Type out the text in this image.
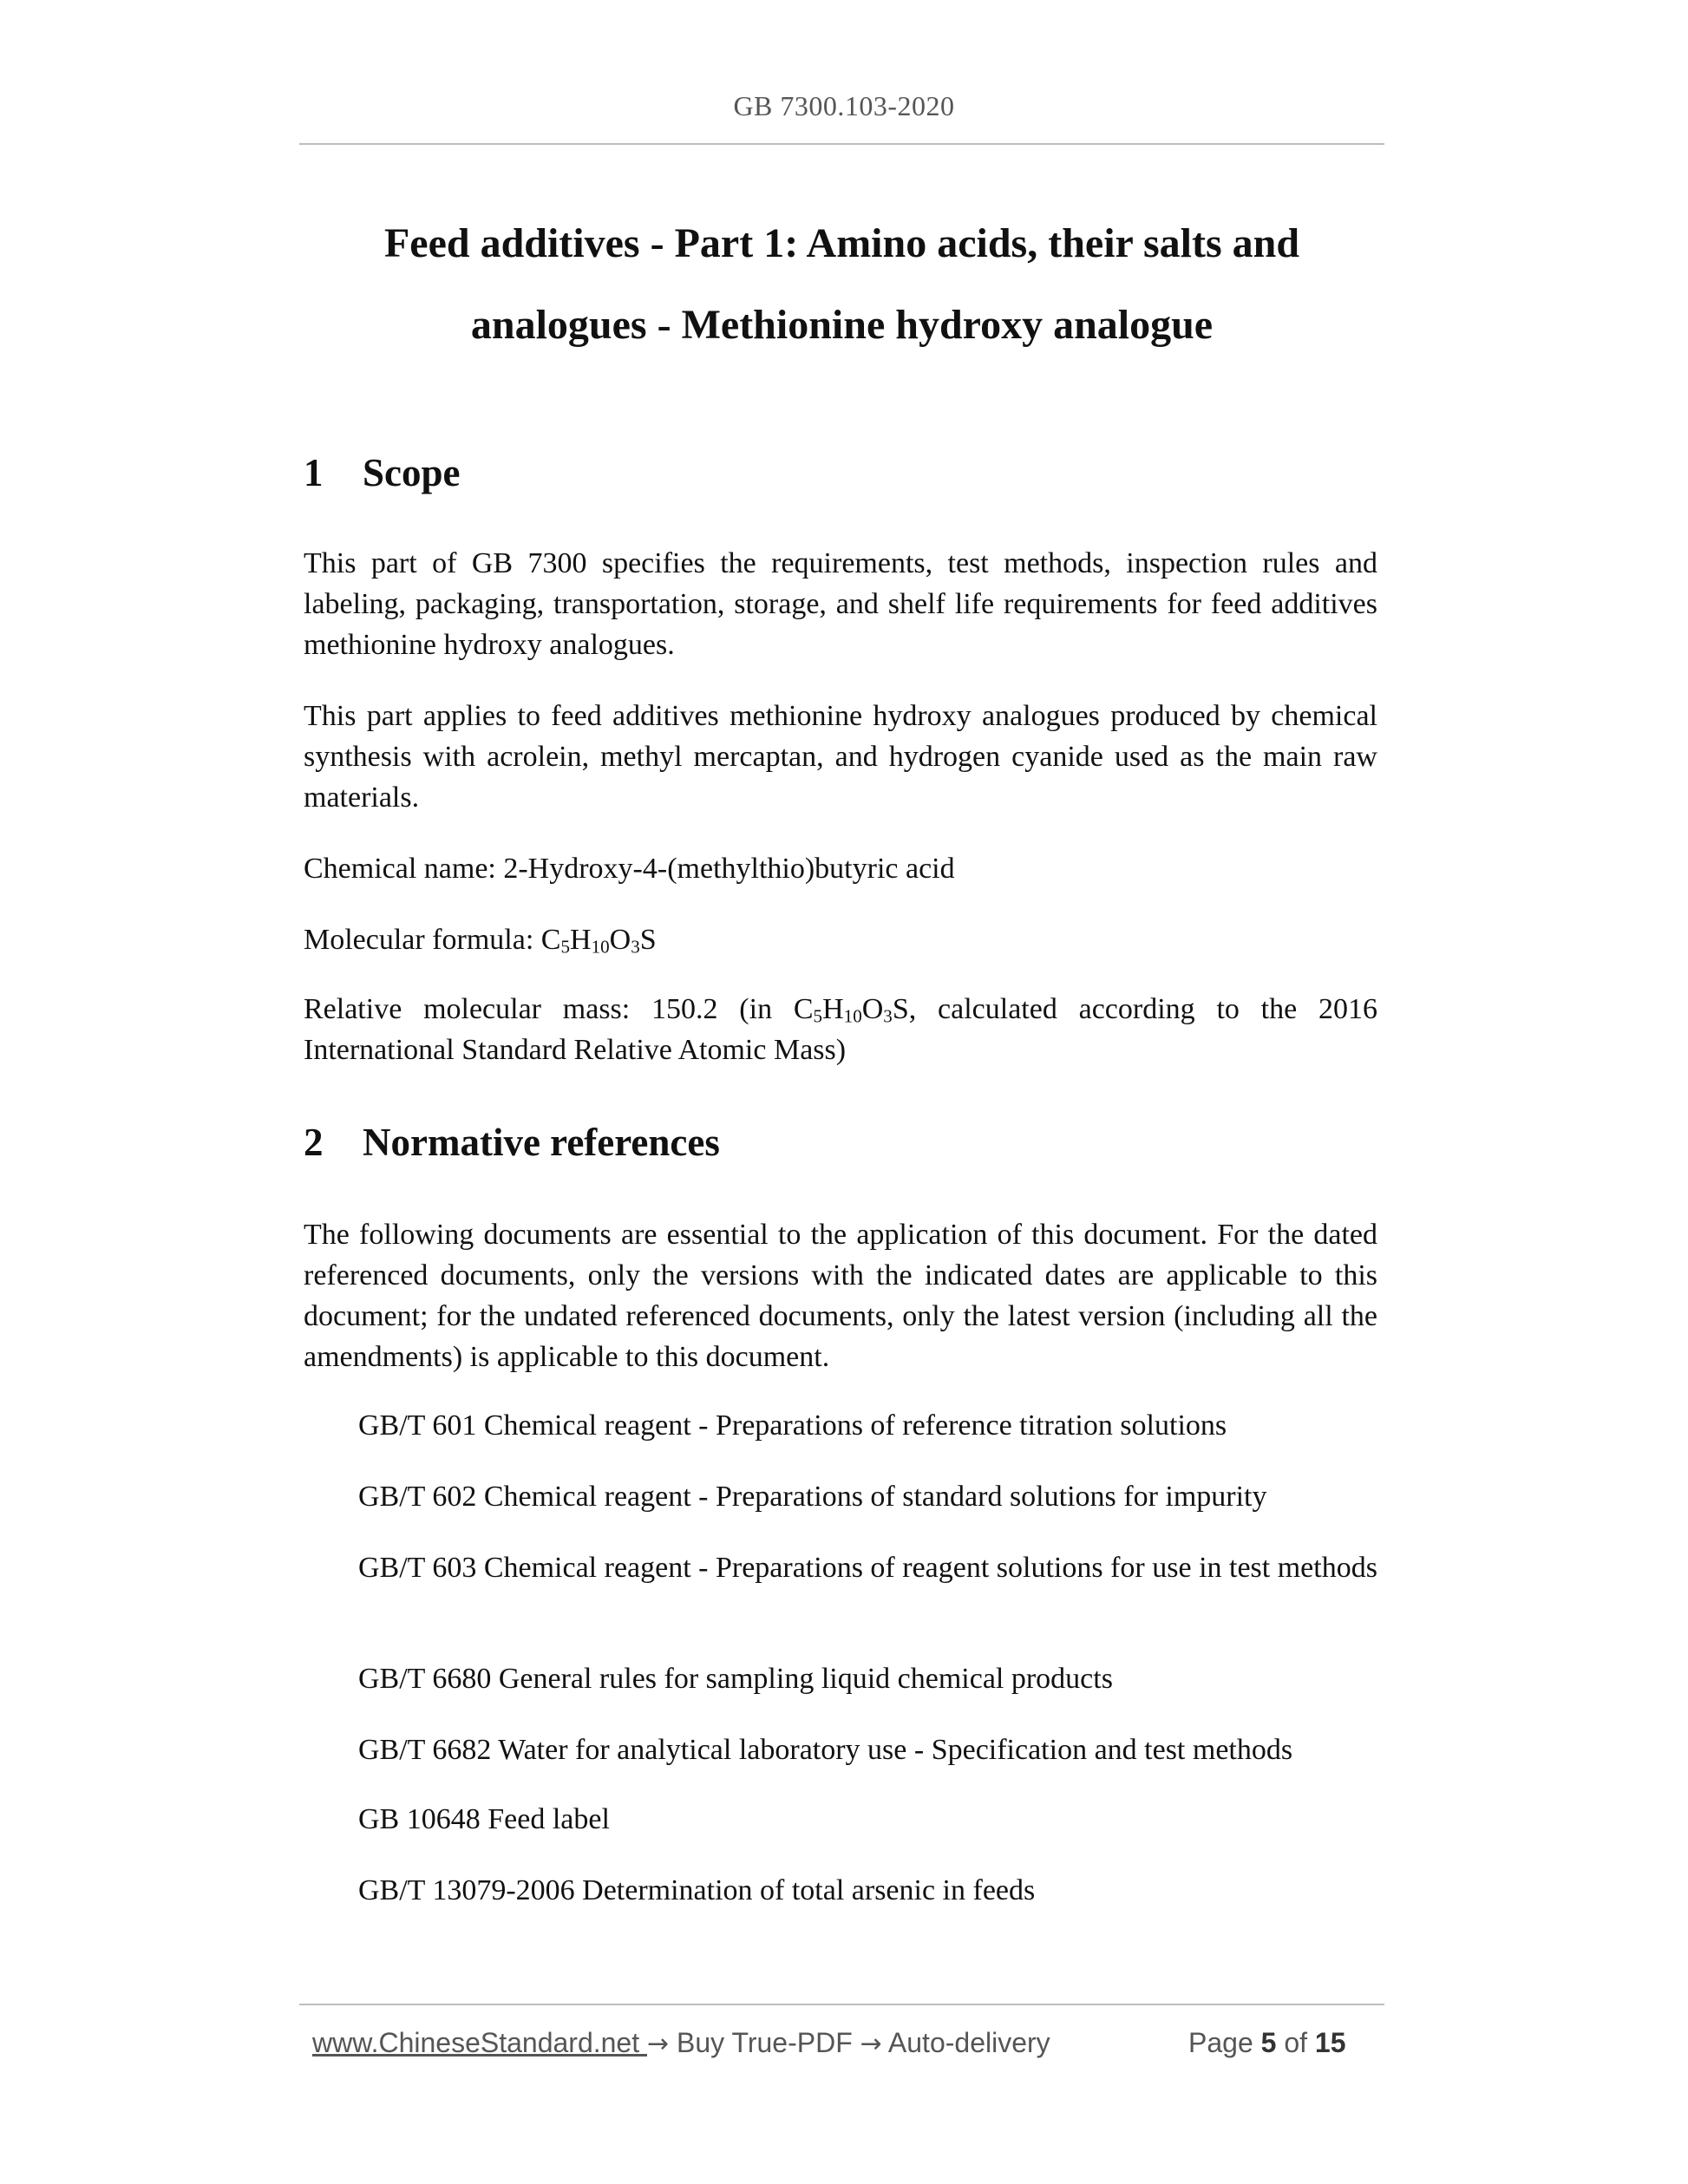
GB 7300.103-2020
Feed additives - Part 1: Amino acids, their salts and
analogues - Methionine hydroxy analogue
1 Scope

This part of GB 7300 specifies the requirements, test methods, inspection rules and labeling, packaging, transportation, storage, and shelf life requirements for feed additives methionine hydroxy analogues.

This part applies to feed additives methionine hydroxy analogues produced by chemical synthesis with acrolein, methyl mercaptan, and hydrogen cyanide used as the main raw materials.

Chemical name: 2-Hydroxy-4-(methylthio)butyric acid

Molecular formula: $C_5H_{10}O_3S$

Relative molecular mass: 150.2 (in $C_5H_{10}O_3S$, calculated according to the 2016 International Standard Relative Atomic Mass)

2 Normative references

The following documents are essential to the application of this document. For the dated referenced documents, only the versions with the indicated dates are applicable to this document; for the undated referenced documents, only the latest version (including all the amendments) is applicable to this document.

GB/T 601 Chemical reagent - Preparations of reference titration solutions

GB/T 602 Chemical reagent - Preparations of standard solutions for impurity

GB/T 603 Chemical reagent - Preparations of reagent solutions for use in test methods

GB/T 6680 General rules for sampling liquid chemical products

GB/T 6682 Water for analytical laboratory use - Specification and test methods

GB 10648 Feed label

GB/T 13079-2006 Determination of total arsenic in feeds

www.ChineseStandard.net → Buy True-PDF → Auto-delivery	Page 5 of 15
